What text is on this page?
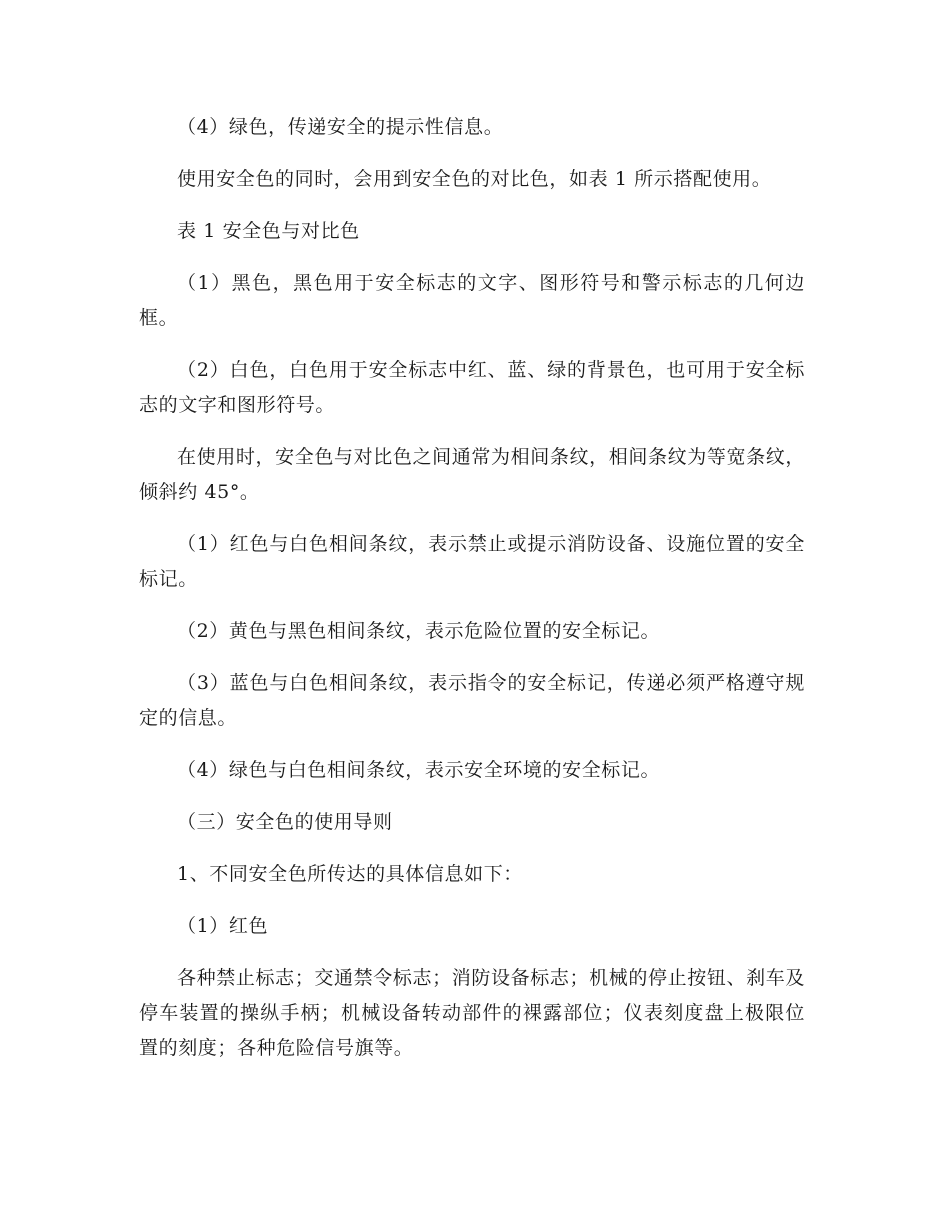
（4）绿色，传递安全的提示性信息。

使用安全色的同时，会用到安全色的对比色，如表 1 所示搭配使用。

表 1 安全色与对比色

（1）黑色，黑色用于安全标志的文字、图形符号和警示标志的几何边框。

（2）白色，白色用于安全标志中红、蓝、绿的背景色，也可用于安全标志的文字和图形符号。

在使用时，安全色与对比色之间通常为相间条纹，相间条纹为等宽条纹，倾斜约 45°。

（1）红色与白色相间条纹，表示禁止或提示消防设备、设施位置的安全标记。

（2）黄色与黑色相间条纹，表示危险位置的安全标记。

（3）蓝色与白色相间条纹，表示指令的安全标记，传递必须严格遵守规定的信息。

（4）绿色与白色相间条纹，表示安全环境的安全标记。

（三）安全色的使用导则

1、不同安全色所传达的具体信息如下：

（1）红色

各种禁止标志；交通禁令标志；消防设备标志；机械的停止按钮、刹车及停车装置的操纵手柄；机械设备转动部件的裸露部位；仪表刻度盘上极限位置的刻度；各种危险信号旗等。
